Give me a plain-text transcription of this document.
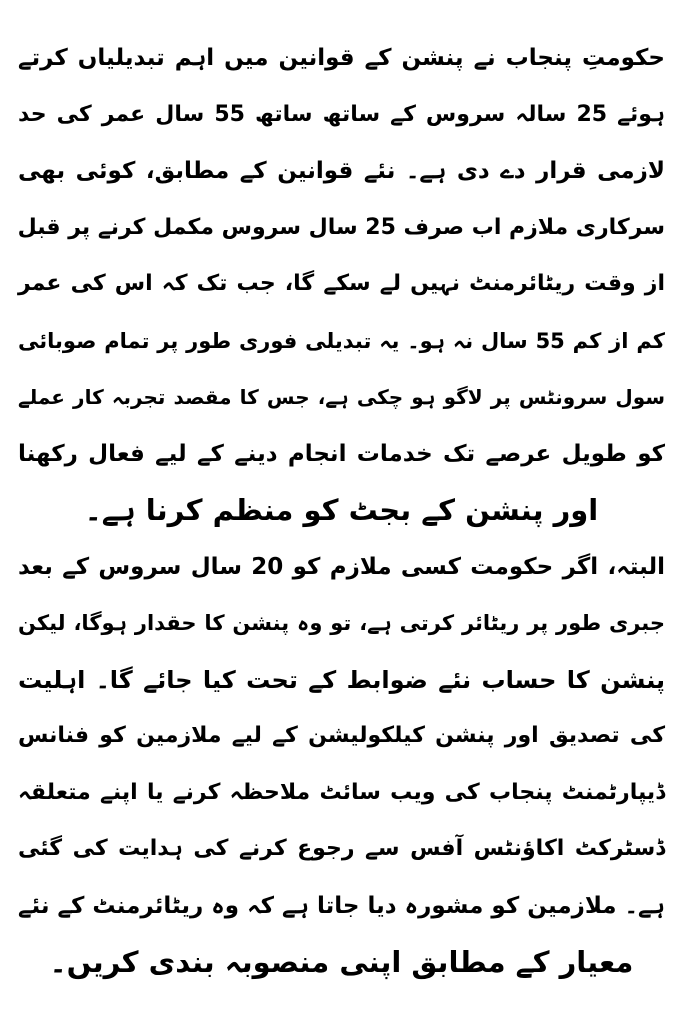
حکومتِ پنجاب نے پنشن کے قوانین میں اہم تبدیلیاں کرتے
ہوئے 25 سالہ سروس کے ساتھ ساتھ 55 سال عمر کی حد
لازمی قرار دے دی ہے۔ نئے قوانین کے مطابق، کوئی بھی
سرکاری ملازم اب صرف 25 سال سروس مکمل کرنے پر قبل
از وقت ریٹائرمنٹ نہیں لے سکے گا، جب تک کہ اس کی عمر
کم از کم 55 سال نہ ہو۔ یہ تبدیلی فوری طور پر تمام صوبائی
سول سرونٹس پر لاگو ہو چکی ہے، جس کا مقصد تجربہ کار عملے
کو طویل عرصے تک خدمات انجام دینے کے لیے فعال رکھنا
اور پنشن کے بجٹ کو منظم کرنا ہے۔
البتہ، اگر حکومت کسی ملازم کو 20 سال سروس کے بعد
جبری طور پر ریٹائر کرتی ہے، تو وہ پنشن کا حقدار ہوگا، لیکن
پنشن کا حساب نئے ضوابط کے تحت کیا جائے گا۔ اہلیت
کی تصدیق اور پنشن کیلکولیشن کے لیے ملازمین کو فنانس
ڈیپارٹمنٹ پنجاب کی ویب سائٹ ملاحظہ کرنے یا اپنے متعلقہ
ڈسٹرکٹ اکاؤنٹس آفس سے رجوع کرنے کی ہدایت کی گئی
ہے۔ ملازمین کو مشورہ دیا جاتا ہے کہ وہ ریٹائرمنٹ کے نئے
معیار کے مطابق اپنی منصوبہ بندی کریں۔
